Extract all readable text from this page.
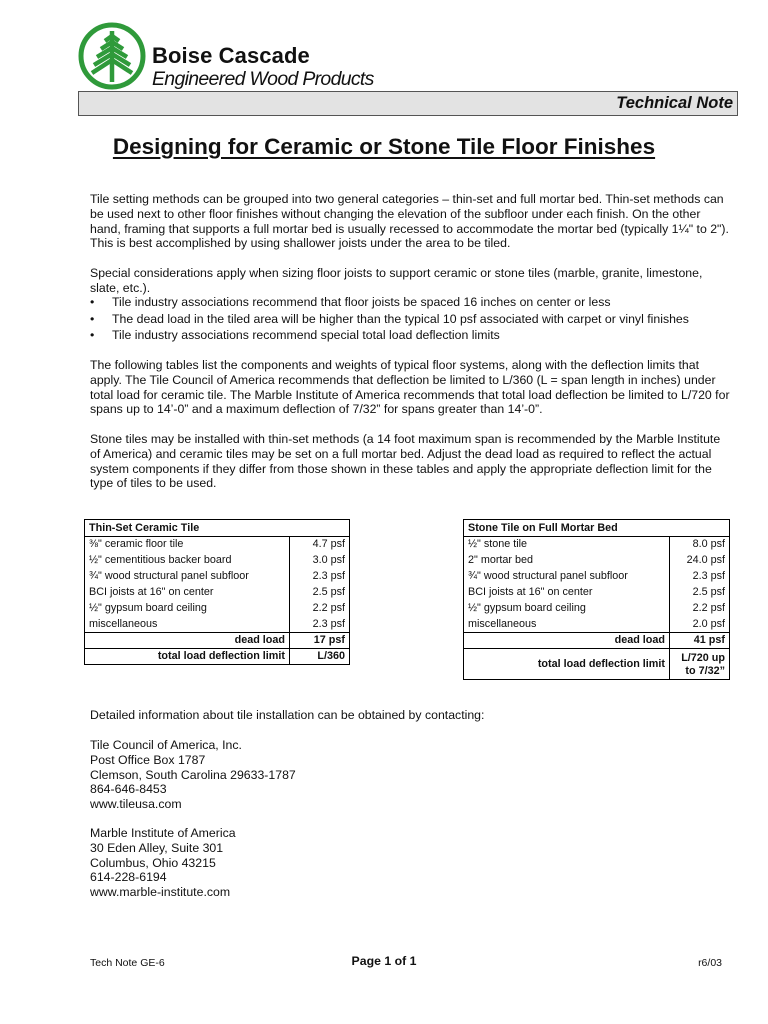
Boise Cascade
Engineered Wood Products
Technical Note
Designing for Ceramic or Stone Tile Floor Finishes

Tile setting methods can be grouped into two general categories – thin-set and full mortar bed. Thin-set methods can be used next to other floor finishes without changing the elevation of the subfloor under each finish. On the other hand, framing that supports a full mortar bed is usually recessed to accommodate the mortar bed (typically 1¼" to 2"). This is best accomplished by using shallower joists under the area to be tiled.

Special considerations apply when sizing floor joists to support ceramic or stone tiles (marble, granite, limestone, slate, etc.).

• Tile industry associations recommend that floor joists be spaced 16 inches on center or less
• The dead load in the tiled area will be higher than the typical 10 psf associated with carpet or vinyl finishes
• Tile industry associations recommend special total load deflection limits

The following tables list the components and weights of typical floor systems, along with the deflection limits that apply. The Tile Council of America recommends that deflection be limited to L/360 (L = span length in inches) under total load for ceramic tile. The Marble Institute of America recommends that total load deflection be limited to L/720 for spans up to 14’-0” and a maximum deflection of 7/32” for spans greater than 14’-0”.

Stone tiles may be installed with thin-set methods (a 14 foot maximum span is recommended by the Marble Institute of America) and ceramic tiles may be set on a full mortar bed. Adjust the dead load as required to reflect the actual system components if they differ from those shown in these tables and apply the appropriate deflection limit for the type of tiles to be used.

Thin-Set Ceramic Tile	
⅜" ceramic floor tile	4.7 psf
½" cementitious backer board	3.0 psf
¾" wood structural panel subfloor	2.3 psf
BCI joists at 16" on center	2.5 psf
½" gypsum board ceiling	2.2 psf
miscellaneous	2.3 psf
dead load	17 psf
total load deflection limit	L/360
Stone Tile on Full Mortar Bed	
½" stone tile	8.0 psf
2" mortar bed	24.0 psf
¾" wood structural panel subfloor	2.3 psf
BCI joists at 16" on center	2.5 psf
½" gypsum board ceiling	2.2 psf
miscellaneous	2.0 psf
dead load	41 psf
total load deflection limit	L/720 up
to 7/32”

Detailed information about tile installation can be obtained by contacting:

Tile Council of America, Inc.
Post Office Box 1787
Clemson, South Carolina 29633-1787
864-646-8453
www.tileusa.com
Marble Institute of America
30 Eden Alley, Suite 301
Columbus, Ohio 43215
614-228-6194
www.marble-institute.com
Tech Note GE-6	Page 1 of 1	r6/03
